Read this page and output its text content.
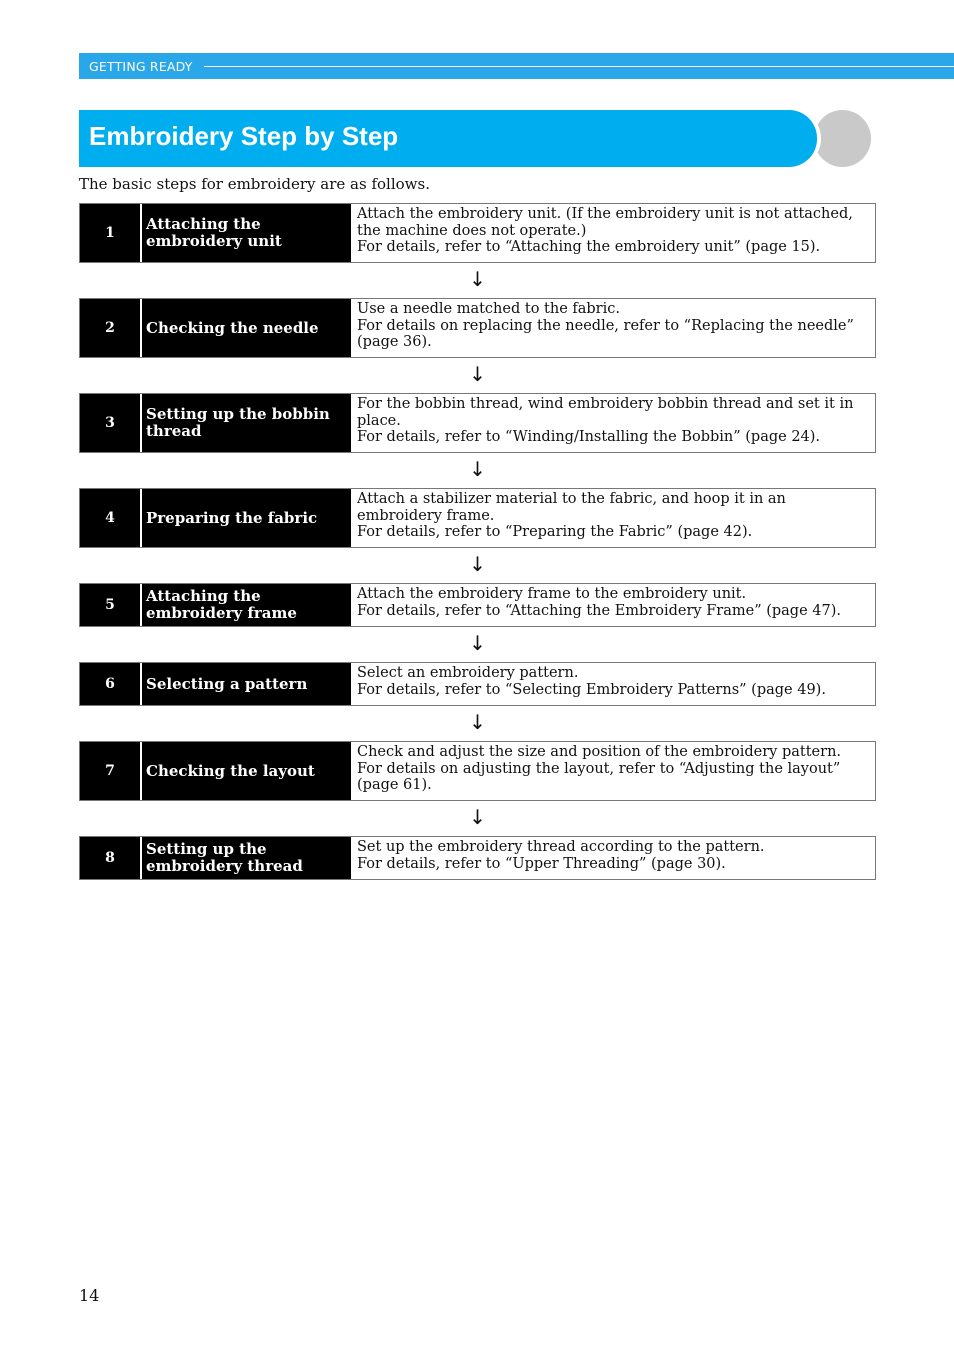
GETTING READY
Embroidery Step by Step
The basic steps for embroidery are as follows.
1	Attaching the embroidery unit
Attach the embroidery unit. (If the embroidery unit is not attached, the machine does not operate.)
For details, refer to “Attaching the embroidery unit” (page 15).
↓
2	Checking the needle
Use a needle matched to the fabric.
For details on replacing the needle, refer to “Replacing the needle” (page 36).
↓
3	Setting up the bobbin thread
For the bobbin thread, wind embroidery bobbin thread and set it in place.
For details, refer to “Winding/Installing the Bobbin” (page 24).
↓
4	Preparing the fabric
Attach a stabilizer material to the fabric, and hoop it in an embroidery frame.
For details, refer to “Preparing the Fabric” (page 42).
↓
5	Attaching the embroidery frame
Attach the embroidery frame to the embroidery unit.
For details, refer to “Attaching the Embroidery Frame” (page 47).
↓
6	Selecting a pattern
Select an embroidery pattern.
For details, refer to “Selecting Embroidery Patterns” (page 49).
↓
7	Checking the layout
Check and adjust the size and position of the embroidery pattern.
For details on adjusting the layout, refer to “Adjusting the layout” (page 61).
↓
8	Setting up the embroidery thread
Set up the embroidery thread according to the pattern.
For details, refer to “Upper Threading” (page 30).
14
